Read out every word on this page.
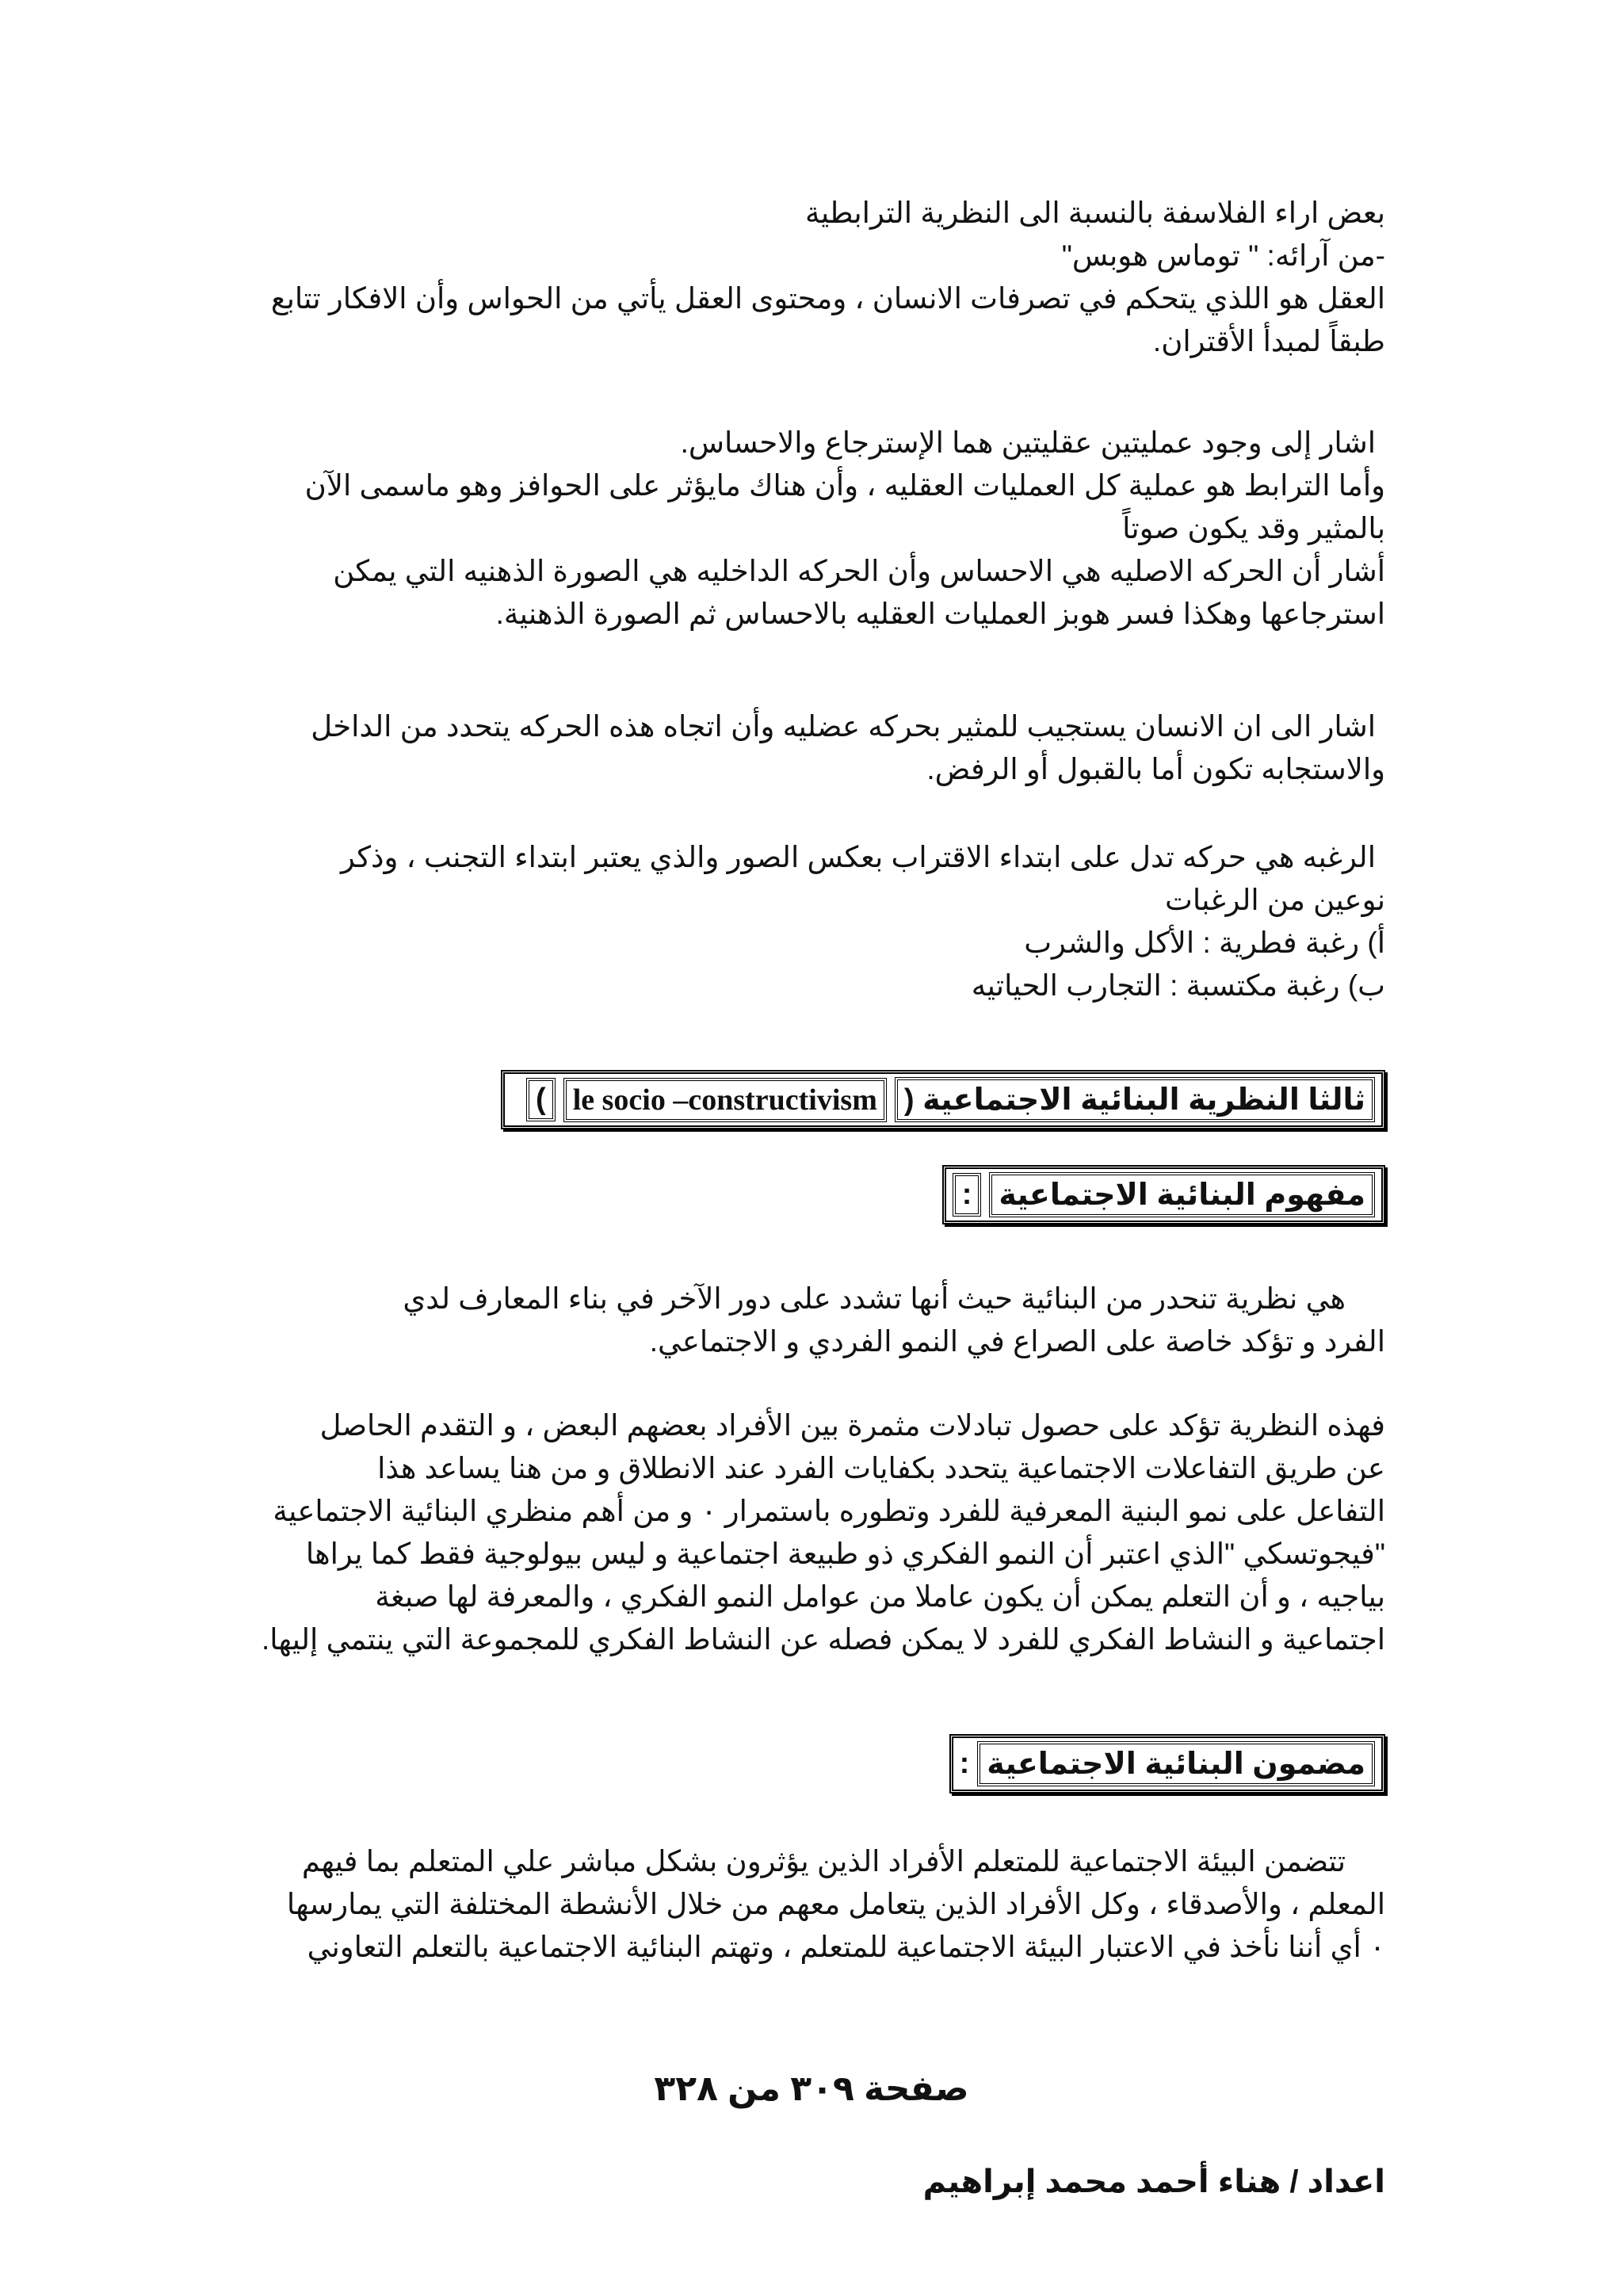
بعض اراء الفلاسفة بالنسبة الى النظرية الترابطية
-من آرائه: " توماس هوبس"
العقل هو اللذي يتحكم في تصرفات الانسان ، ومحتوى العقل يأتي من الحواس وأن الافكار تتابع
طبقاً لمبدأ الأقتران.
اشار إلى وجود عمليتين عقليتين هما الإسترجاع والاحساس.
وأما الترابط هو عملية كل العمليات العقليه ، وأن هناك مايؤثر على الحوافز وهو ماسمى الآن
بالمثير وقد يكون صوتاً
أشار أن الحركه الاصليه هي الاحساس وأن الحركه الداخليه هي الصورة الذهنيه التي يمكن
استرجاعها وهكذا فسر هوبز العمليات العقليه بالاحساس ثم الصورة الذهنية.
اشار الى ان الانسان يستجيب للمثير بحركه عضليه وأن اتجاه هذه الحركه يتحدد من الداخل
والاستجابه تكون أما بالقبول أو الرفض.
الرغبه هي حركه تدل على ابتداء الاقتراب بعكس الصور والذي يعتبر ابتداء التجنب ، وذكر
نوعين من الرغبات
أ) رغبة فطرية : الأكل والشرب
ب) رغبة مكتسبة : التجارب الحياتيه
ثالثا النظرية البنائية الاجتماعية (
le socio –constructivism
)
مفهوم البنائية الاجتماعية
:
هي نظرية تنحدر من البنائية حيث أنها تشدد على دور الآخر في بناء المعارف لدي
الفرد و تؤكد خاصة على الصراع في النمو الفردي و الاجتماعي.
فهذه النظرية تؤكد على حصول تبادلات مثمرة بين الأفراد بعضهم البعض ، و التقدم الحاصل
عن طريق التفاعلات الاجتماعية يتحدد بكفايات الفرد عند الانطلاق و من هنا يساعد هذا
التفاعل على نمو البنية المعرفية للفرد وتطوره باستمرار ٠ و من أهم منظري البنائية الاجتماعية
"فيجوتسكي "الذي اعتبر أن النمو الفكري ذو طبيعة اجتماعية و ليس بيولوجية فقط كما يراها
بياجيه ، و أن التعلم يمكن أن يكون عاملا من عوامل النمو الفكري ، والمعرفة لها صبغة
اجتماعية و النشاط الفكري للفرد لا يمكن فصله عن النشاط الفكري للمجموعة التي ينتمي إليها.
مضمون البنائية الاجتماعية
:
تتضمن البيئة الاجتماعية للمتعلم الأفراد الذين يؤثرون بشكل مباشر علي المتعلم بما فيهم
المعلم ، والأصدقاء ، وكل الأفراد الذين يتعامل معهم من خلال الأنشطة المختلفة التي يمارسها
٠ أي أننا نأخذ في الاعتبار البيئة الاجتماعية للمتعلم ، وتهتم البنائية الاجتماعية بالتعلم التعاوني
صفحة ٣٠٩ من ٣٢٨
اعداد / هناء أحمد محمد إبراهيم
